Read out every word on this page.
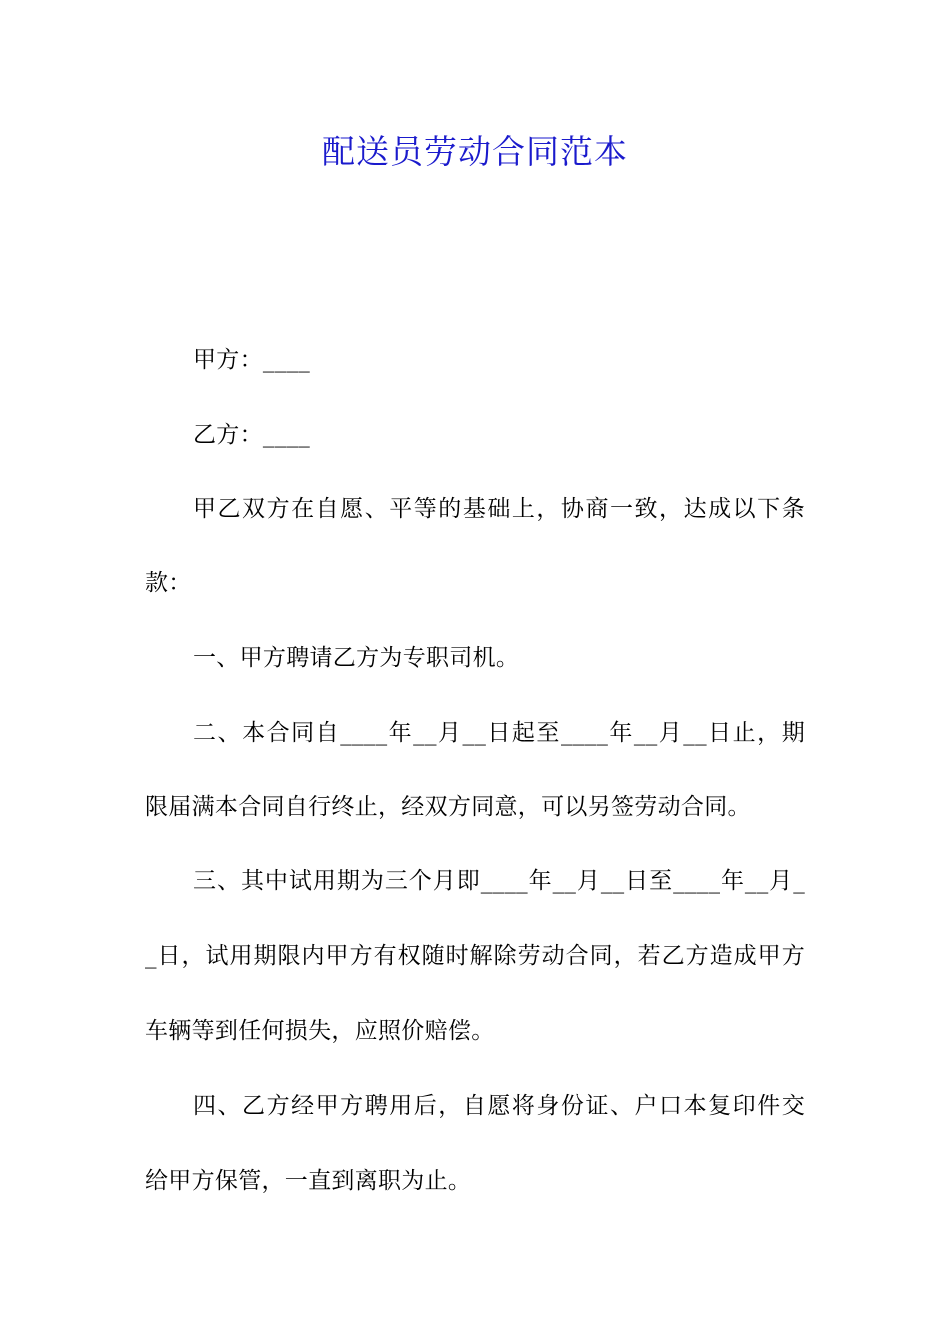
配送员劳动合同范本
甲方：____
乙方：____
甲乙双方在自愿、平等的基础上，协商一致，达成以下条
款：
一、甲方聘请乙方为专职司机。
二、本合同自____年__月__日起至____年__月__日止，期
限届满本合同自行终止，经双方同意，可以另签劳动合同。
三、其中试用期为三个月即____年__月__日至____年__月_
_日，试用期限内甲方有权随时解除劳动合同，若乙方造成甲方
车辆等到任何损失，应照价赔偿。
四、乙方经甲方聘用后，自愿将身份证、户口本复印件交
给甲方保管，一直到离职为止。
